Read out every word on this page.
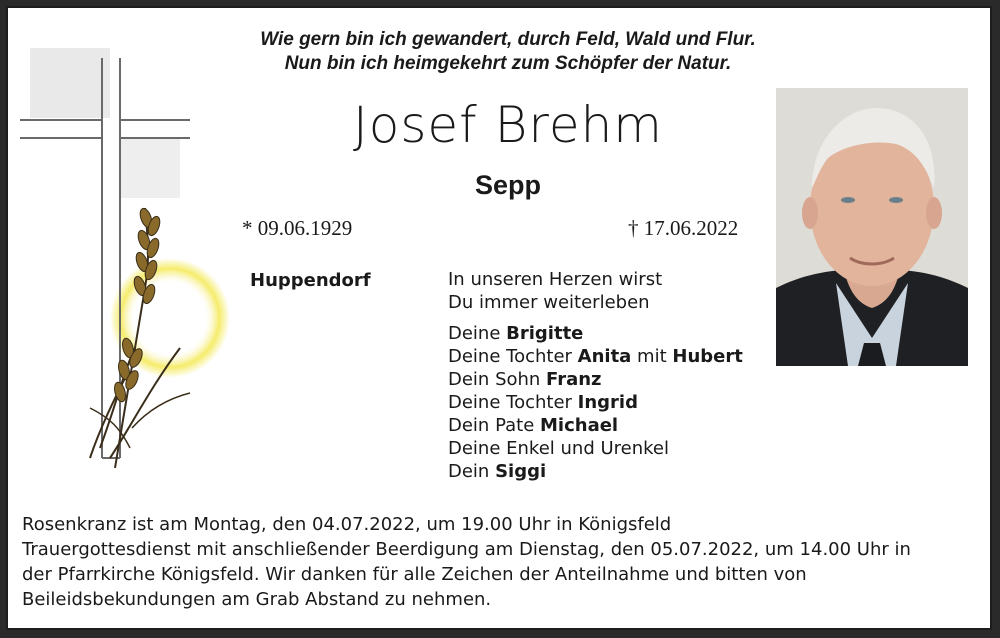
Wie gern bin ich gewandert, durch Feld, Wald und Flur.
Nun bin ich heimgekehrt zum Schöpfer der Natur.
Josef Brehm
Sepp
* 09.06.1929	† 17.06.2022
Huppendorf	In unseren Herzen wirst
Du immer weiterleben
Deine Brigitte
Deine Tochter Anita mit Hubert
Dein Sohn Franz
Deine Tochter Ingrid
Dein Pate Michael
Deine Enkel und Urenkel
Dein Siggi
Rosenkranz ist am Montag, den 04.07.2022, um 19.00 Uhr in Königsfeld
Trauergottesdienst mit anschließender Beerdigung am Dienstag, den 05.07.2022, um 14.00 Uhr in
der Pfarrkirche Königsfeld. Wir danken für alle Zeichen der Anteilnahme und bitten von
Beileidsbekundungen am Grab Abstand zu nehmen.
